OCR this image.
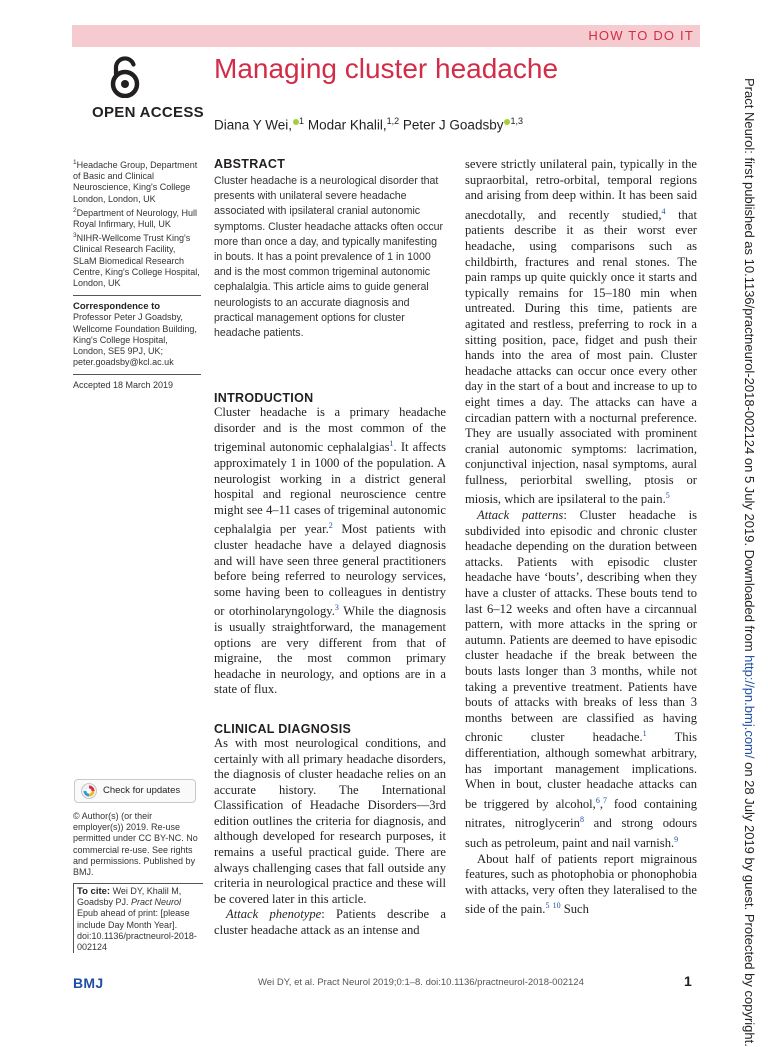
HOW TO DO IT
OPEN ACCESS
Managing cluster headache
Diana Y Wei, $^1$ Modar Khalil,$^{1,2}$ Peter J Goadsby $^{1,3}$

$^1$Headache Group, Department of Basic and Clinical Neuroscience, King's College London, London, UK

$^2$Department of Neurology, Hull Royal Infirmary, Hull, UK

$^3$NIHR-Wellcome Trust King's Clinical Research Facility, SLaM Biomedical Research Centre, King's College Hospital, London, UK

Correspondence to

Professor Peter J Goadsby, Wellcome Foundation Building, King's College Hospital, London, SE5 9PJ, UK; peter.goadsby@kcl.ac.uk

Accepted 18 March 2019

Check for updates

© Author(s) (or their employer(s)) 2019. Re-use permitted under CC BY-NC. No commercial re-use. See rights and permissions. Published by BMJ.

To cite: Wei DY, Khalil M, Goadsby PJ. Pract Neurol Epub ahead of print: [please include Day Month Year]. doi:10.1136/practneurol-2018-002124

ABSTRACT

Cluster headache is a neurological disorder that presents with unilateral severe headache associated with ipsilateral cranial autonomic symptoms. Cluster headache attacks often occur more than once a day, and typically manifesting in bouts. It has a point prevalence of 1 in 1000 and is the most common trigeminal autonomic cephalalgia. This article aims to guide general neurologists to an accurate diagnosis and practical management options for cluster headache patients.

INTRODUCTION

Cluster headache is a primary headache disorder and is the most common of the trigeminal autonomic cephalalgias$^1$. It affects approximately 1 in 1000 of the population. A neurologist working in a district general hospital and regional neuroscience centre might see 4–11 cases of trigeminal autonomic cephalalgia per year.$^2$ Most patients with cluster headache have a delayed diagnosis and will have seen three general practitioners before being referred to neurology services, some having been to colleagues in dentistry or otorhinolaryngology.$^3$ While the diagnosis is usually straightforward, the management options are very different from that of migraine, the most common primary headache in neurology, and options are in a state of flux.

CLINICAL DIAGNOSIS

As with most neurological conditions, and certainly with all primary headache disorders, the diagnosis of cluster headache relies on an accurate history. The International Classification of Headache Disorders—3rd edition outlines the criteria for diagnosis, and although developed for research purposes, it remains a useful practical guide. There are always challenging cases that fall outside any criteria in neurological practice and these will be covered later in this article.

Attack phenotype: Patients describe a cluster headache attack as an intense and

severe strictly unilateral pain, typically in the supraorbital, retro-orbital, temporal regions and arising from deep within. It has been said anecdotally, and recently studied,$^4$ that patients describe it as their worst ever headache, using comparisons such as childbirth, fractures and renal stones. The pain ramps up quite quickly once it starts and typically remains for 15–180 min when untreated. During this time, patients are agitated and restless, preferring to rock in a sitting position, pace, fidget and push their hands into the area of most pain. Cluster headache attacks can occur once every other day in the start of a bout and increase to up to eight times a day. The attacks can have a circadian pattern with a nocturnal preference. They are usually associated with prominent cranial autonomic symptoms: lacrimation, conjunctival injection, nasal symptoms, aural fullness, periorbital swelling, ptosis or miosis, which are ipsilateral to the pain.$^5$

Attack patterns: Cluster headache is subdivided into episodic and chronic cluster headache depending on the duration between attacks. Patients with episodic cluster headache have ‘bouts’, describing when they have a cluster of attacks. These bouts tend to last 6–12 weeks and often have a circannual pattern, with more attacks in the spring or autumn. Patients are deemed to have episodic cluster headache if the break between the bouts lasts longer than 3 months, while not taking a preventive treatment. Patients have bouts of attacks with breaks of less than 3 months between are classified as having chronic cluster headache.$^1$ This differentiation, although somewhat arbitrary, has important management implications. When in bout, cluster headache attacks can be triggered by alcohol,$^6$,$^7$ food containing nitrates, nitroglycerin$^8$ and strong odours such as petroleum, paint and nail varnish.$^9$

About half of patients report migrainous features, such as photophobia or phonophobia with attacks, very often they lateralised to the side of the pain.$^5$ $^{10}$ Such

BMJ	Wei DY, et al. Pract Neurol 2019;0:1–8. doi:10.1136/practneurol-2018-002124	1
Pract Neurol: first published as 10.1136/practneurol-2018-002124 on 5 July 2019. Downloaded from http://pn.bmj.com/ on 28 July 2019 by guest. Protected by copyright.
